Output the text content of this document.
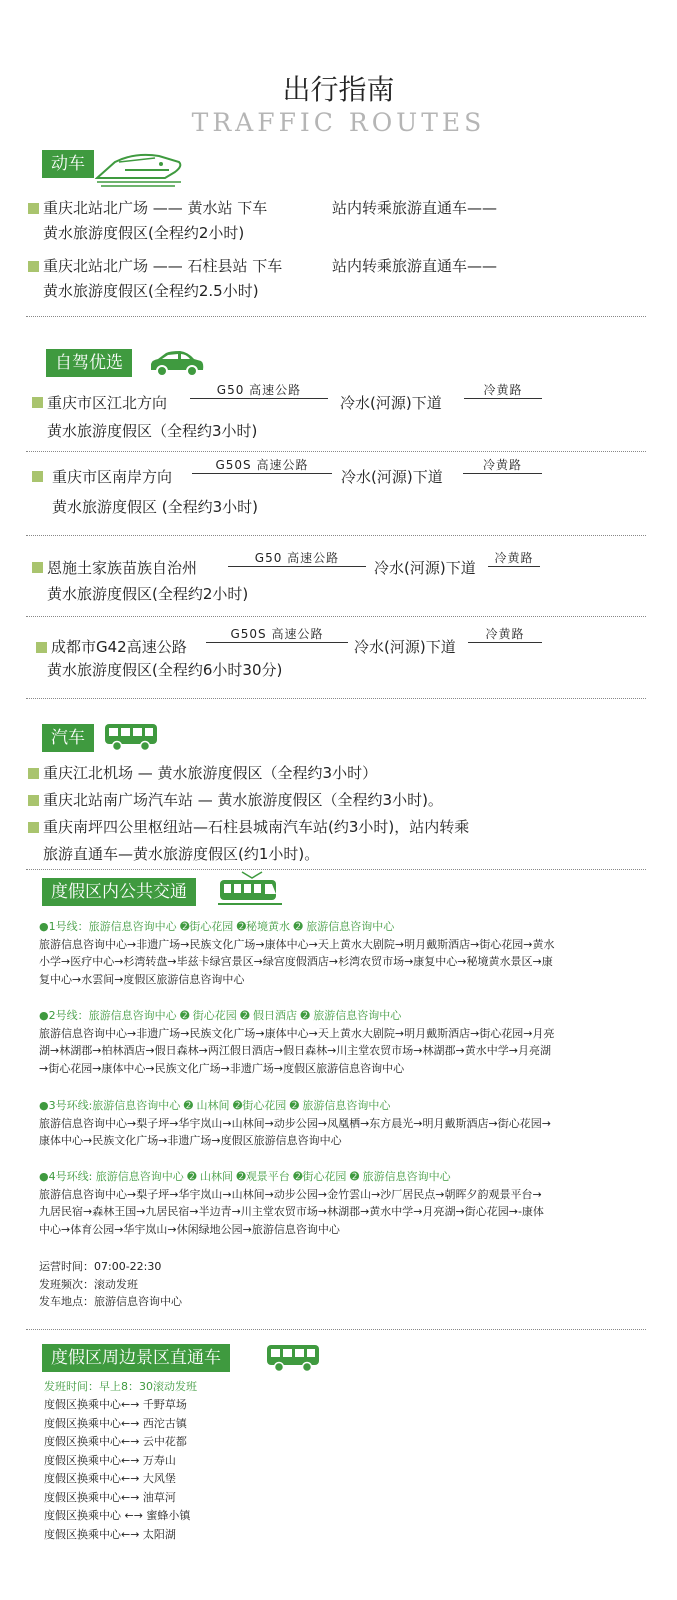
出行指南
TRAFFIC ROUTES
动车
重庆北站北广场 —— 黄水站 下车	站内转乘旅游直通车——
黄水旅游度假区(全程约2小时)
重庆北站北广场 —— 石柱县站 下车	站内转乘旅游直通车——
黄水旅游度假区(全程约2.5小时)
自驾优选
重庆市区江北方向
G50 高速公路
冷水(河源)下道
冷黄路
黄水旅游度假区（全程约3小时)
重庆市区南岸方向
G50S 高速公路
冷水(河源)下道
冷黄路
黄水旅游度假区 (全程约3小时)
恩施土家族苗族自治州
G50 高速公路
冷水(河源)下道
冷黄路
黄水旅游度假区(全程约2小时)
成都市G42高速公路
G50S 高速公路
冷水(河源)下道
冷黄路
黄水旅游度假区(全程约6小时30分)
汽车
重庆江北机场 — 黄水旅游度假区（全程约3小时）
重庆北站南广场汽车站 — 黄水旅游度假区（全程约3小时)。
重庆南坪四公里枢纽站—石柱县城南汽车站(约3小时)，站内转乘
旅游直通车—黄水旅游度假区(约1小时)。
度假区内公共交通
●1号线：旅游信息咨询中心 ➋街心花园 ➋秘境黄水 ➋ 旅游信息咨询中心
旅游信息咨询中心→非遗广场→民族文化广场→康体中心→天上黄水大剧院→明月戴斯酒店→街心花园→黄水
小学→医疗中心→杉湾转盘→毕兹卡绿宫景区→绿宫度假酒店→杉湾农贸市场→康复中心→秘境黄水景区→康
复中心→水雲间→度假区旅游信息咨询中心
●2号线：旅游信息咨询中心 ➋ 街心花园 ➋ 假日酒店 ➋ 旅游信息咨询中心
旅游信息咨询中心→非遗广场→民族文化广场→康体中心→天上黄水大剧院→明月戴斯酒店→街心花园→月亮
湖→林湖郡→柏林酒店→假日森林→两江假日酒店→假日森林→川主堂农贸市场→林湖郡→黄水中学→月亮湖
→街心花园→康体中心→民族文化广场→非遗广场→度假区旅游信息咨询中心
●3号环线:旅游信息咨询中心 ➋ 山林间 ➋街心花园 ➋ 旅游信息咨询中心
旅游信息咨询中心→梨子坪→华宇岚山→山林间→动步公园→凤凰栖→东方晨光→明月戴斯酒店→街心花园→
康体中心→民族文化广场→非遗广场→度假区旅游信息咨询中心
●4号环线: 旅游信息咨询中心 ➋ 山林间 ➋观景平台 ➋街心花园 ➋ 旅游信息咨询中心
旅游信息咨询中心→梨子坪→华宇岚山→山林间→动步公园→金竹雲山→沙厂居民点→朝晖夕韵观景平台→
九居民宿→森林王国→九居民宿→半边青→川主堂农贸市场→林湖郡→黄水中学→月亮湖→街心花园→-康体
中心→体育公园→华宇岚山→休闲绿地公园→旅游信息咨询中心
运营时间：07:00-22:30
发班频次：滚动发班
发车地点：旅游信息咨询中心
度假区周边景区直通车
发班时间：早上8：30滚动发班
度假区换乘中心←→ 千野草场
度假区换乘中心←→ 西沱古镇
度假区换乘中心←→ 云中花都
度假区换乘中心←→ 万寿山
度假区换乘中心←→ 大风堡
度假区换乘中心←→ 油草河
度假区换乘中心 ←→ 蜜蜂小镇
度假区换乘中心←→ 太阳湖
